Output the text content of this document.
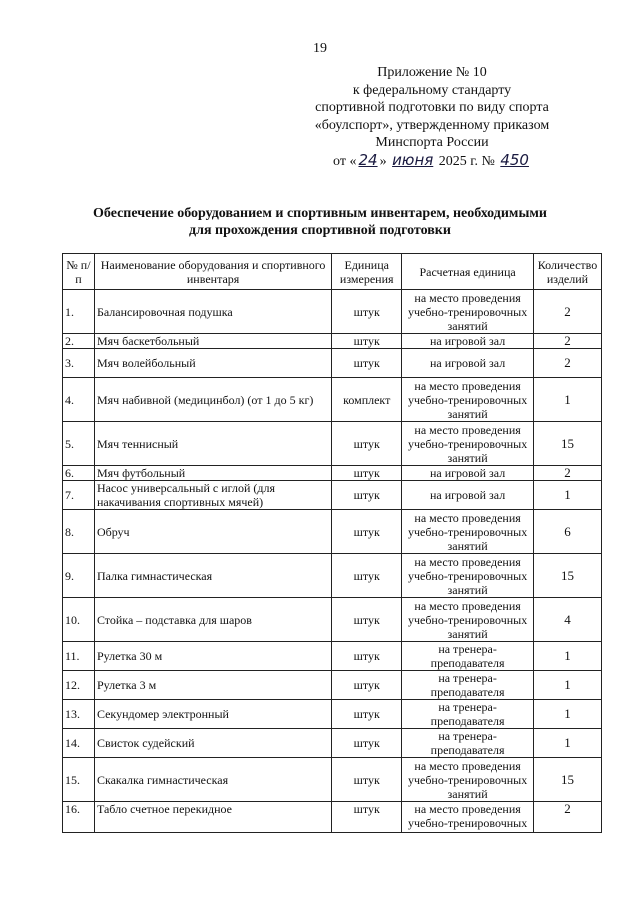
19
Приложение № 10
к федеральному стандарту
спортивной подготовки по виду спорта
«боулспорт», утвержденному приказом
Минспорта России
от « 24 » июня 2025 г. № 450
Обеспечение оборудованием и спортивным инвентарем, необходимыми
для прохождения спортивной подготовки
№ п/п	Наименование оборудования и спортивного инвентаря	Единица измерения	Расчетная единица	Количество изделий
1.	Балансировочная подушка	штук	на место проведения учебно-тренировочных занятий	2
2.	Мяч баскетбольный	штук	на игровой зал	2
3.	Мяч волейбольный	штук	на игровой зал	2
4.	Мяч набивной (медицинбол) (от 1 до 5 кг)	комплект	на место проведения учебно-тренировочных занятий	1
5.	Мяч теннисный	штук	на место проведения учебно-тренировочных занятий	15
6.	Мяч футбольный	штук	на игровой зал	2
7.	Насос универсальный с иглой (для накачивания спортивных мячей)	штук	на игровой зал	1
8.	Обруч	штук	на место проведения учебно-тренировочных занятий	6
9.	Палка гимнастическая	штук	на место проведения учебно-тренировочных занятий	15
10.	Стойка – подставка для шаров	штук	на место проведения учебно-тренировочных занятий	4
11.	Рулетка 30 м	штук	на тренера-преподавателя	1
12.	Рулетка 3 м	штук	на тренера-преподавателя	1
13.	Секундомер электронный	штук	на тренера-преподавателя	1
14.	Свисток судейский	штук	на тренера-преподавателя	1
15.	Скакалка гимнастическая	штук	на место проведения учебно-тренировочных занятий	15
16.	Табло счетное перекидное	штук	на место проведения учебно-тренировочных	2
